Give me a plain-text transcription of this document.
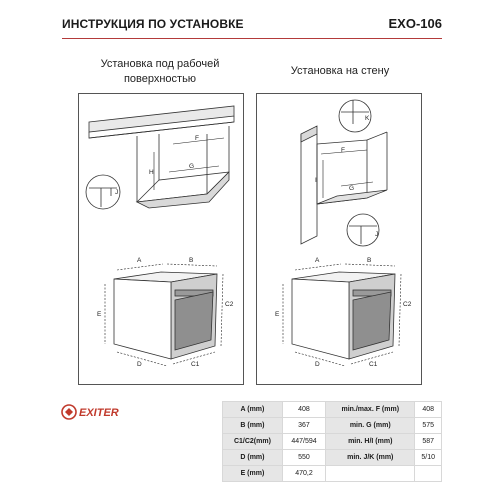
ИНСТРУКЦИЯ ПО УСТАНОВКЕ	EXO-106
Установка под рабочей поверхностью
Установка на стену
H
F
G
J
A	B
E
C2
D	C1
F
I
G
K
J
A	B
E
C2
D	C1
EXITER	A (mm)	408	min./max. F (mm)	408
B (mm)	367	min. G (mm)	575
C1/C2(mm)	447/594	min. H/I (mm)	587
D (mm)	550	min. J/K (mm)	5/10
E (mm)	470,2		
